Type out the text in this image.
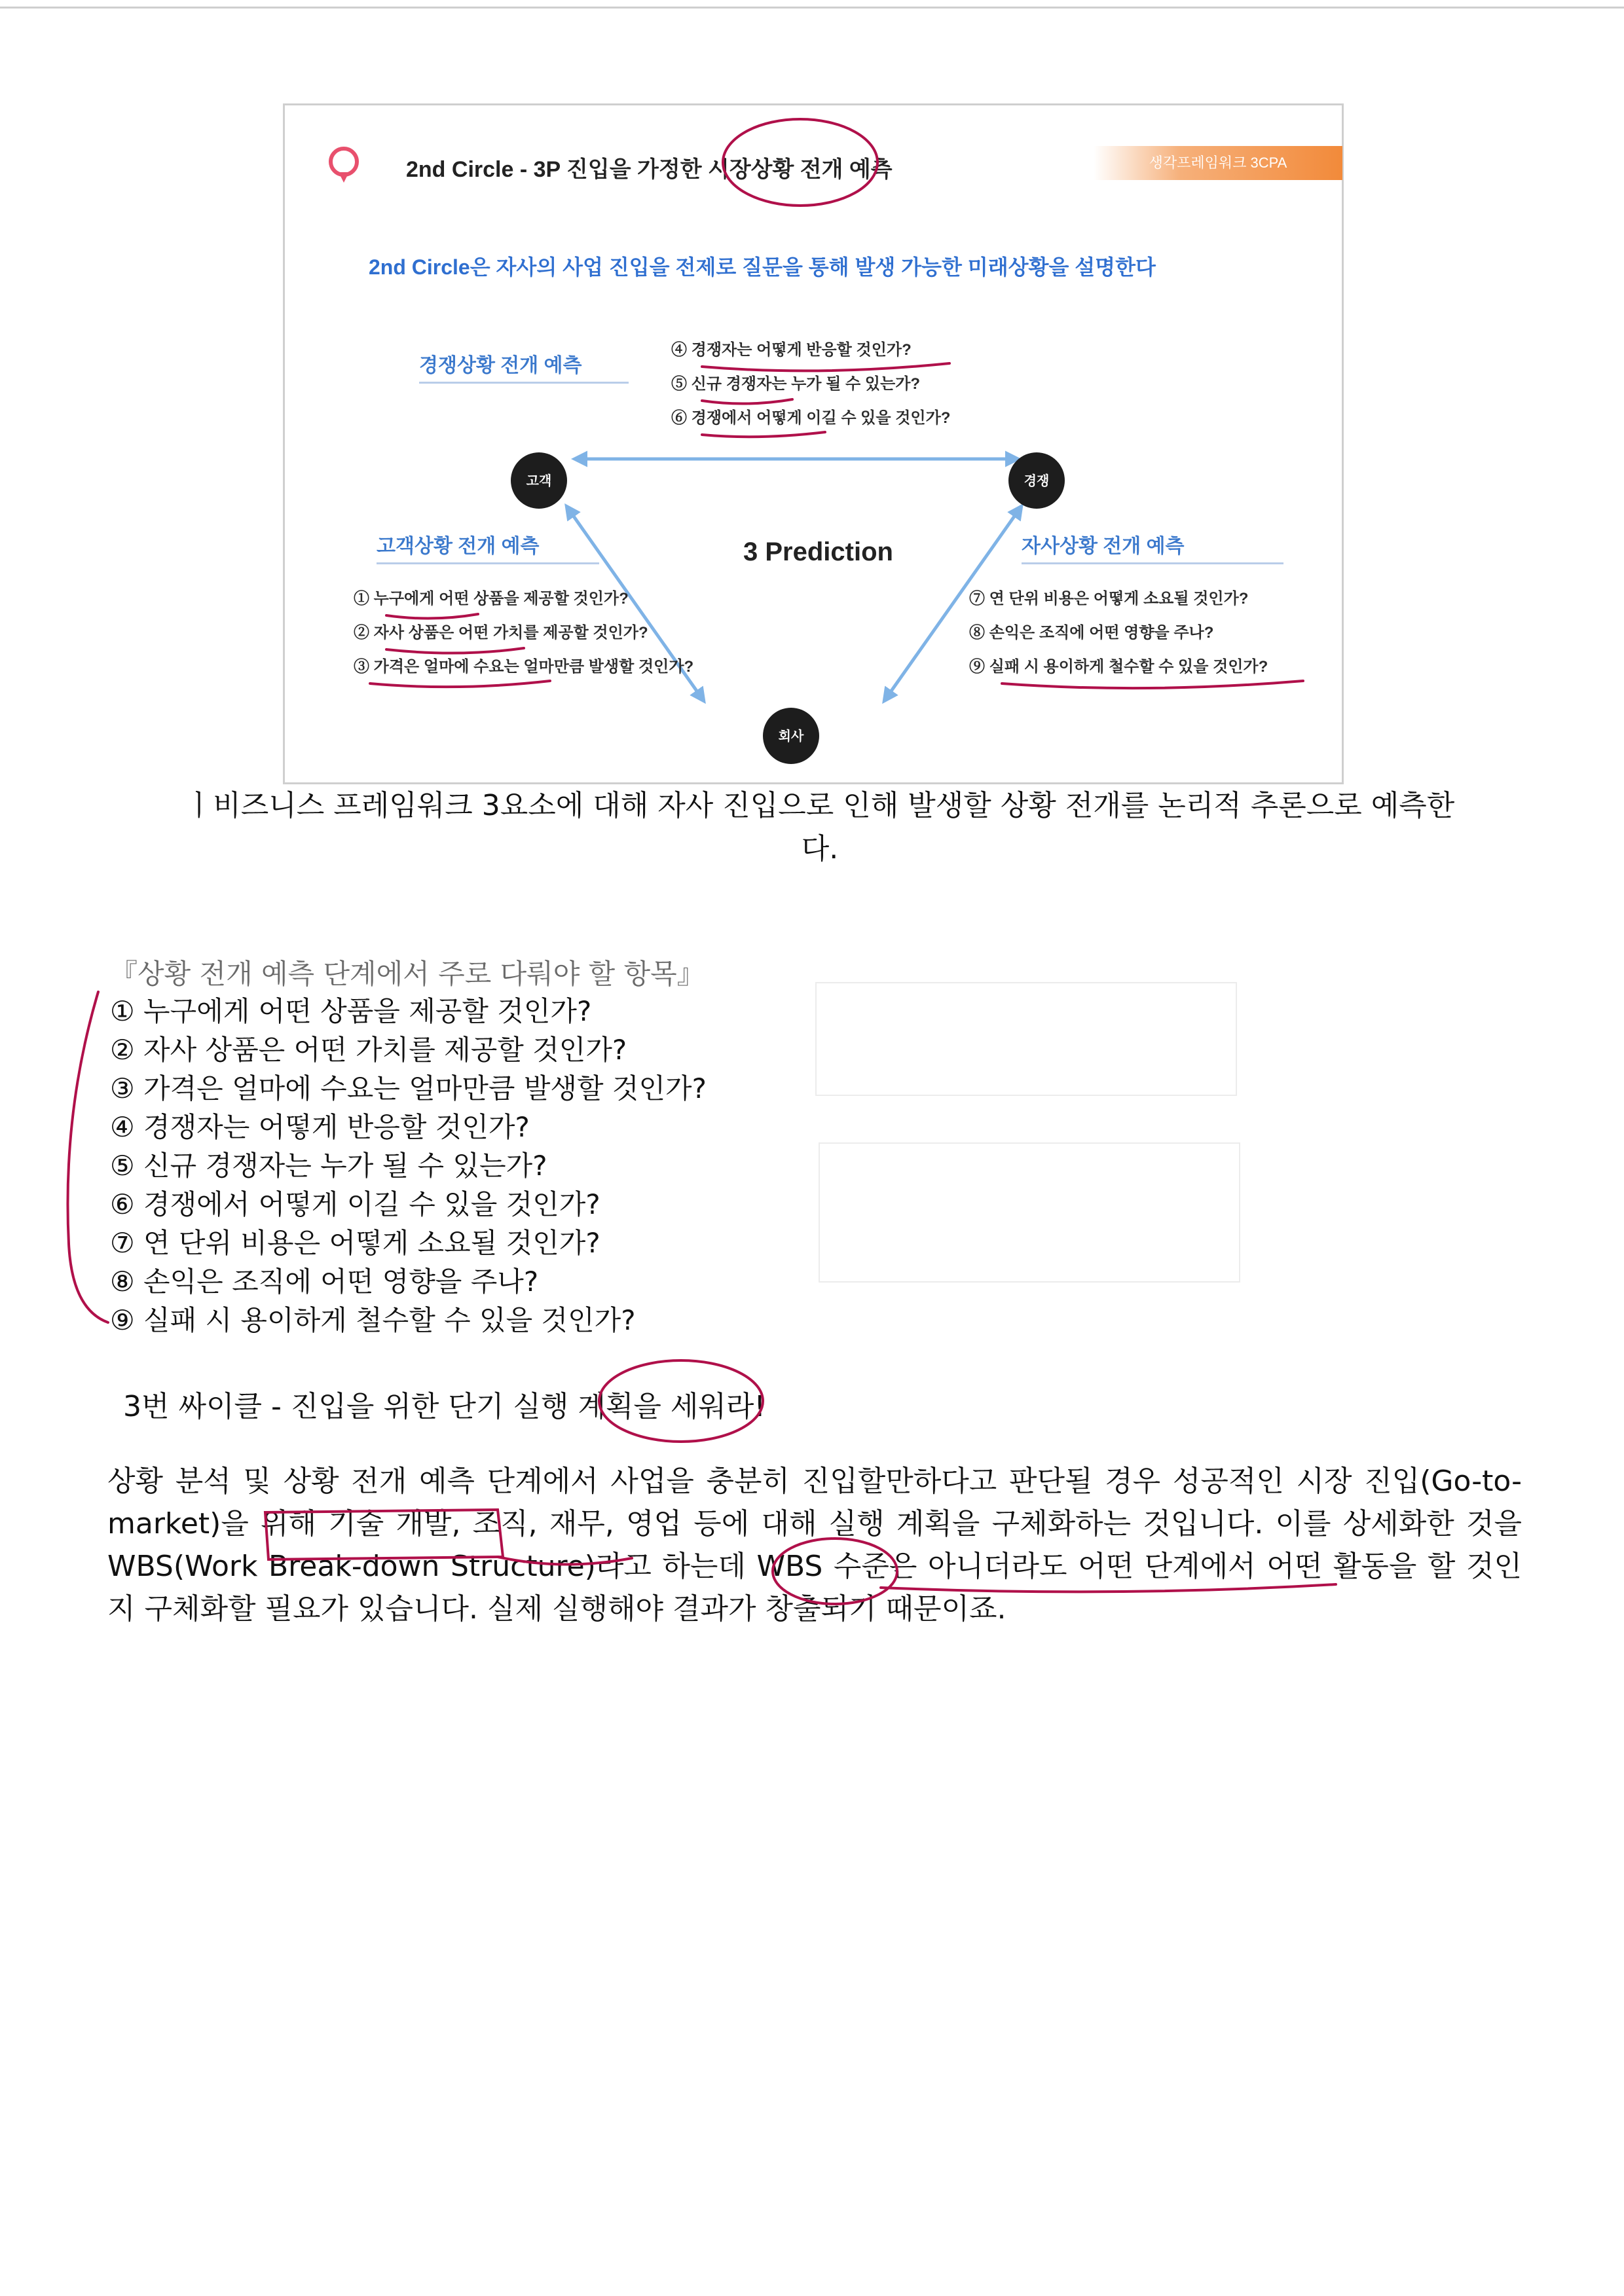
2nd Circle - 3P 진입을 가정한 시장상황 전개 예측	생각프레임워크 3CPA
2nd Circle은 자사의 사업 진입을 전제로 질문을 통해 발생 가능한 미래상황을 설명한다
경쟁상황 전개 예측
④ 경쟁자는 어떻게 반응할 것인가?
⑤ 신규 경쟁자는 누가 될 수 있는가?
⑥ 경쟁에서 어떻게 이길 수 있을 것인가?
고객	경쟁
회사
3 Prediction
고객상황 전개 예측
① 누구에게 어떤 상품을 제공할 것인가?
② 자사 상품은 어떤 가치를 제공할 것인가?
③ 가격은 얼마에 수요는 얼마만큼 발생할 것인가?
자사상황 전개 예측
⑦ 연 단위 비용은 어떻게 소요될 것인가?
⑧ 손익은 조직에 어떤 영향을 주나?
⑨ 실패 시 용이하게 철수할 수 있을 것인가?
ㅣ비즈니스 프레임워크 3요소에 대해 자사 진입으로 인해 발생할 상황 전개를 논리적 추론으로 예측한다.
『상황 전개 예측 단계에서 주로 다뤄야 할 항목』
① 누구에게 어떤 상품을 제공할 것인가?
② 자사 상품은 어떤 가치를 제공할 것인가?
③ 가격은 얼마에 수요는 얼마만큼 발생할 것인가?
④ 경쟁자는 어떻게 반응할 것인가?
⑤ 신규 경쟁자는 누가 될 수 있는가?
⑥ 경쟁에서 어떻게 이길 수 있을 것인가?
⑦ 연 단위 비용은 어떻게 소요될 것인가?
⑧ 손익은 조직에 어떤 영향을 주나?
⑨ 실패 시 용이하게 철수할 수 있을 것인가?
3번 싸이클 - 진입을 위한 단기 실행 계획을 세워라!
상황 분석 및 상황 전개 예측 단계에서 사업을 충분히 진입할만하다고 판단될 경우 성공적인 시장 진입(Go-to-market)을 위해 기술 개발, 조직, 재무, 영업 등에 대해 실행 계획을 구체화하는 것입니다. 이를 상세화한 것을 WBS(Work Break-down Structure)라고 하는데 WBS 수준은 아니더라도 어떤 단계에서 어떤 활동을 할 것인지 구체화할 필요가 있습니다. 실제 실행해야 결과가 창출되기 때문이죠.
